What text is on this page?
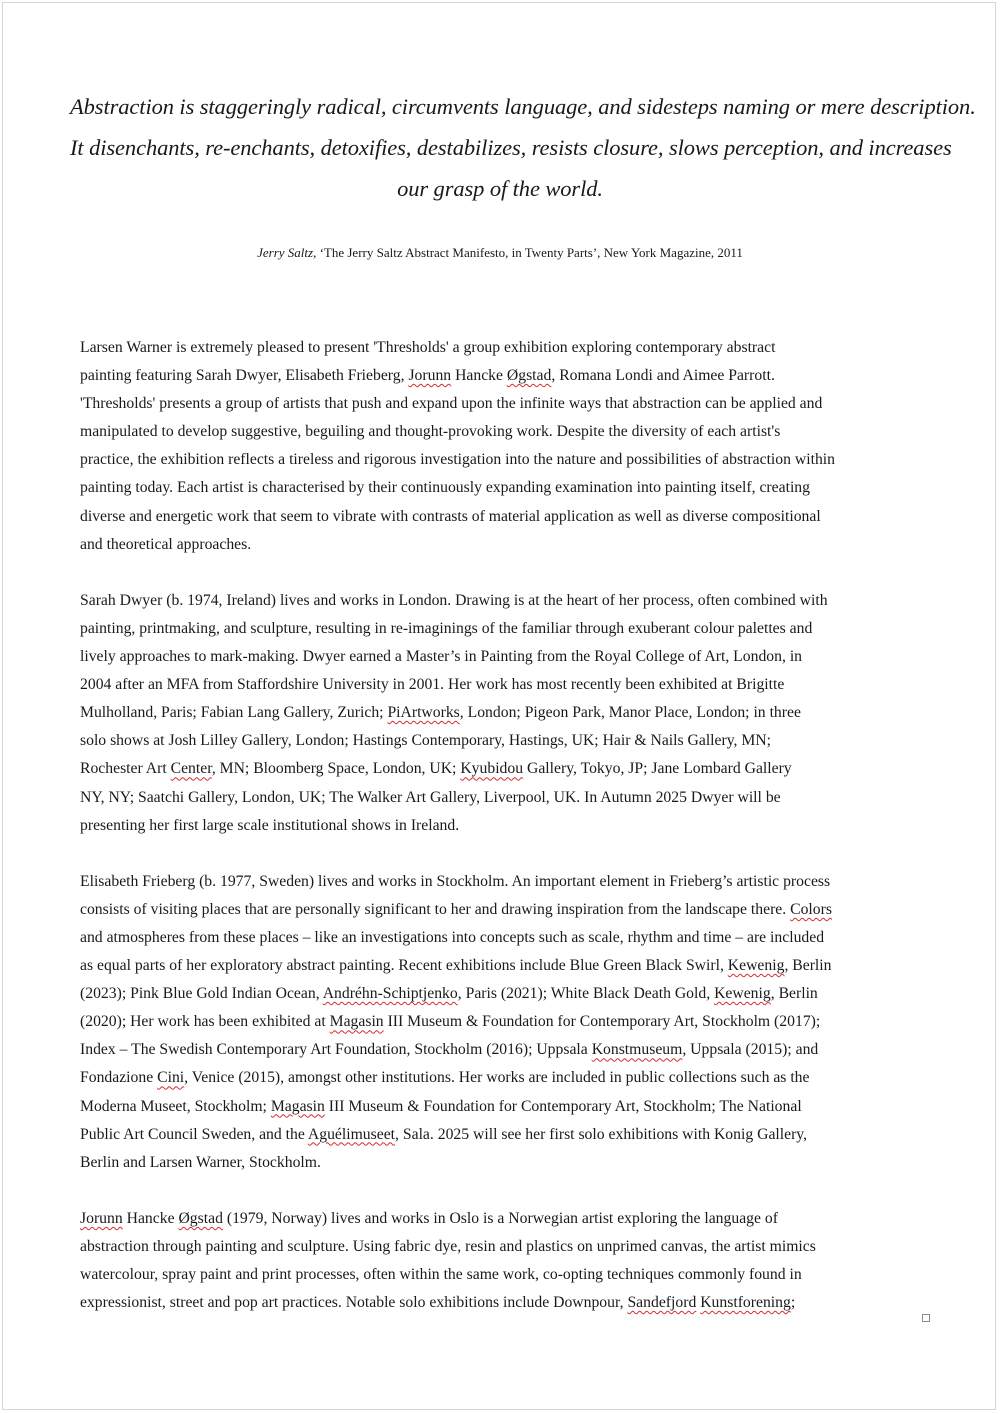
Abstraction is staggeringly radical, circumvents language, and sidesteps naming or mere description.
It disenchants, re-enchants, detoxifies, destabilizes, resists closure, slows perception, and increases
our grasp of the world.
Jerry Saltz, ‘The Jerry Saltz Abstract Manifesto, in Twenty Parts’, New York Magazine, 2011

Larsen Warner is extremely pleased to present 'Thresholds' a group exhibition exploring contemporary abstract
painting featuring Sarah Dwyer, Elisabeth Frieberg, Jorunn Hancke Øgstad, Romana Londi and Aimee Parrott.
'Thresholds' presents a group of artists that push and expand upon the infinite ways that abstraction can be applied and
manipulated to develop suggestive, beguiling and thought-provoking work. Despite the diversity of each artist's
practice, the exhibition reflects a tireless and rigorous investigation into the nature and possibilities of abstraction within
painting today. Each artist is characterised by their continuously expanding examination into painting itself, creating
diverse and energetic work that seem to vibrate with contrasts of material application as well as diverse compositional
and theoretical approaches.

Sarah Dwyer (b. 1974, Ireland) lives and works in London. Drawing is at the heart of her process, often combined with
painting, printmaking, and sculpture, resulting in re-imaginings of the familiar through exuberant colour palettes and
lively approaches to mark-making. Dwyer earned a Master’s in Painting from the Royal College of Art, London, in
2004 after an MFA from Staffordshire University in 2001. Her work has most recently been exhibited at Brigitte
Mulholland, Paris; Fabian Lang Gallery, Zurich; PiArtworks, London; Pigeon Park, Manor Place, London; in three
solo shows at Josh Lilley Gallery, London; Hastings Contemporary, Hastings, UK; Hair & Nails Gallery, MN;
Rochester Art Center, MN; Bloomberg Space, London, UK; Kyubidou Gallery, Tokyo, JP; Jane Lombard Gallery
NY, NY; Saatchi Gallery, London, UK; The Walker Art Gallery, Liverpool, UK. In Autumn 2025 Dwyer will be
presenting her first large scale institutional shows in Ireland.

Elisabeth Frieberg (b. 1977, Sweden) lives and works in Stockholm. An important element in Frieberg’s artistic process
consists of visiting places that are personally significant to her and drawing inspiration from the landscape there. Colors
and atmospheres from these places – like an investigations into concepts such as scale, rhythm and time – are included
as equal parts of her exploratory abstract painting. Recent exhibitions include Blue Green Black Swirl, Kewenig, Berlin
(2023); Pink Blue Gold Indian Ocean, Andréhn-Schiptjenko, Paris (2021); White Black Death Gold, Kewenig, Berlin
(2020); Her work has been exhibited at Magasin III Museum & Foundation for Contemporary Art, Stockholm (2017);
Index – The Swedish Contemporary Art Foundation, Stockholm (2016); Uppsala Konstmuseum, Uppsala (2015); and
Fondazione Cini, Venice (2015), amongst other institutions. Her works are included in public collections such as the
Moderna Museet, Stockholm; Magasin III Museum & Foundation for Contemporary Art, Stockholm; The National
Public Art Council Sweden, and the Aguélimuseet, Sala. 2025 will see her first solo exhibitions with Konig Gallery,
Berlin and Larsen Warner, Stockholm.

Jorunn Hancke Øgstad (1979, Norway) lives and works in Oslo is a Norwegian artist exploring the language of
abstraction through painting and sculpture. Using fabric dye, resin and plastics on unprimed canvas, the artist mimics
watercolour, spray paint and print processes, often within the same work, co-opting techniques commonly found in
expressionist, street and pop art practices. Notable solo exhibitions include Downpour, Sandefjord Kunstforening;
